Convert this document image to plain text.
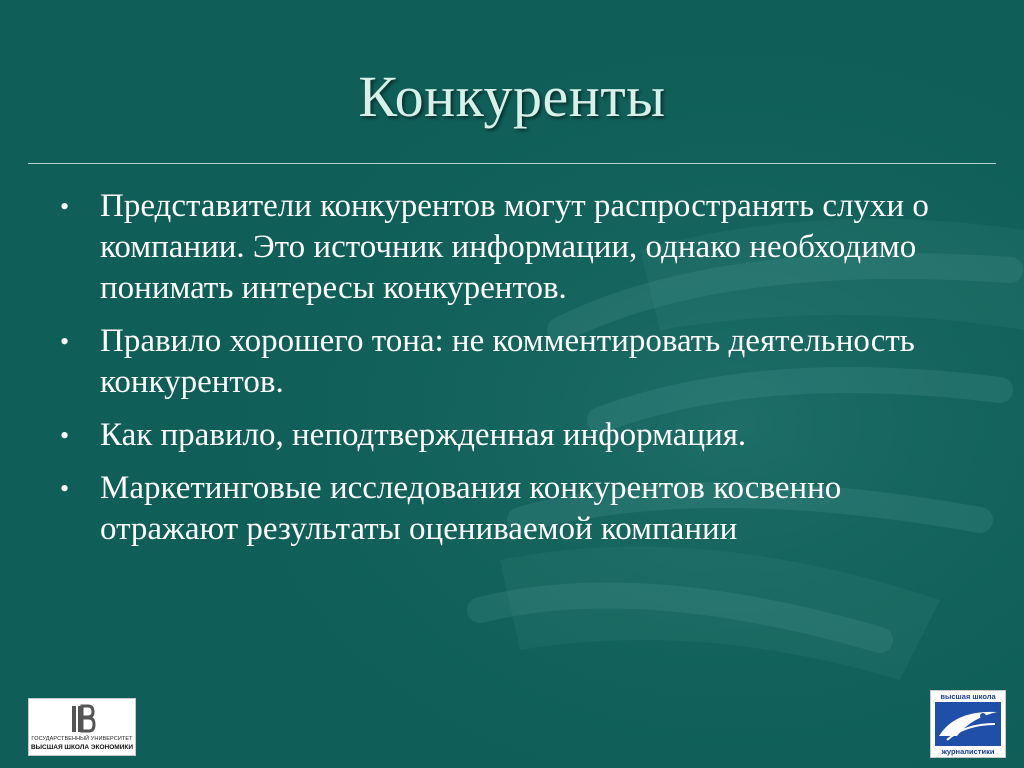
Конкуренты
• Представители конкурентов могут распространять слухи о компании. Это источник информации, однако необходимо понимать интересы конкурентов.
• Правило хорошего тона: не комментировать деятельность конкурентов.
• Как правило, неподтвержденная информация.
• Маркетинговые исследования конкурентов косвенно отражают результаты оцениваемой компании
ГОСУДАРСТВЕННЫЙ УНИВЕРСИТЕТ
ВЫСШАЯ ШКОЛА ЭКОНОМИКИ
высшая школа
журналистики
